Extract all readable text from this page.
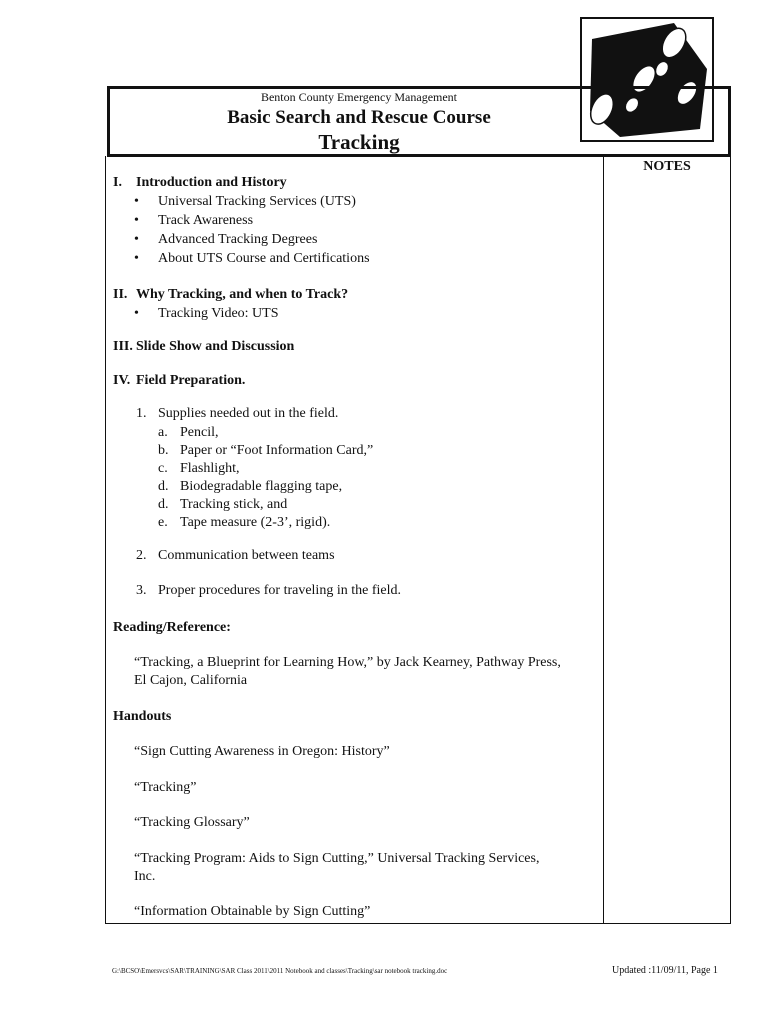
Benton County Emergency Management
Basic Search and Rescue Course
Tracking
NOTES
I. Introduction and History
• Universal Tracking Services (UTS)
• Track Awareness
• Advanced Tracking Degrees
• About UTS Course and Certifications
II. Why Tracking, and when to Track?
• Tracking Video: UTS
III. Slide Show and Discussion
IV. Field Preparation.
1. Supplies needed out in the field.
a. Pencil,
b. Paper or “Foot Information Card,”
c. Flashlight,
d. Biodegradable flagging tape,
d. Tracking stick, and
e. Tape measure (2-3’, rigid).
2. Communication between teams
3. Proper procedures for traveling in the field.
Reading/Reference:
“Tracking, a Blueprint for Learning How,” by Jack Kearney, Pathway Press,
El Cajon, California
Handouts
“Sign Cutting Awareness in Oregon: History”
“Tracking”
“Tracking Glossary”
“Tracking Program: Aids to Sign Cutting,” Universal Tracking Services,
Inc.
“Information Obtainable by Sign Cutting”
G:\BCSO\Emersvcs\SAR\TRAINING\SAR Class 2011\2011 Notebook and classes\Tracking\sar notebook tracking.doc	Updated :11/09/11, Page 1
